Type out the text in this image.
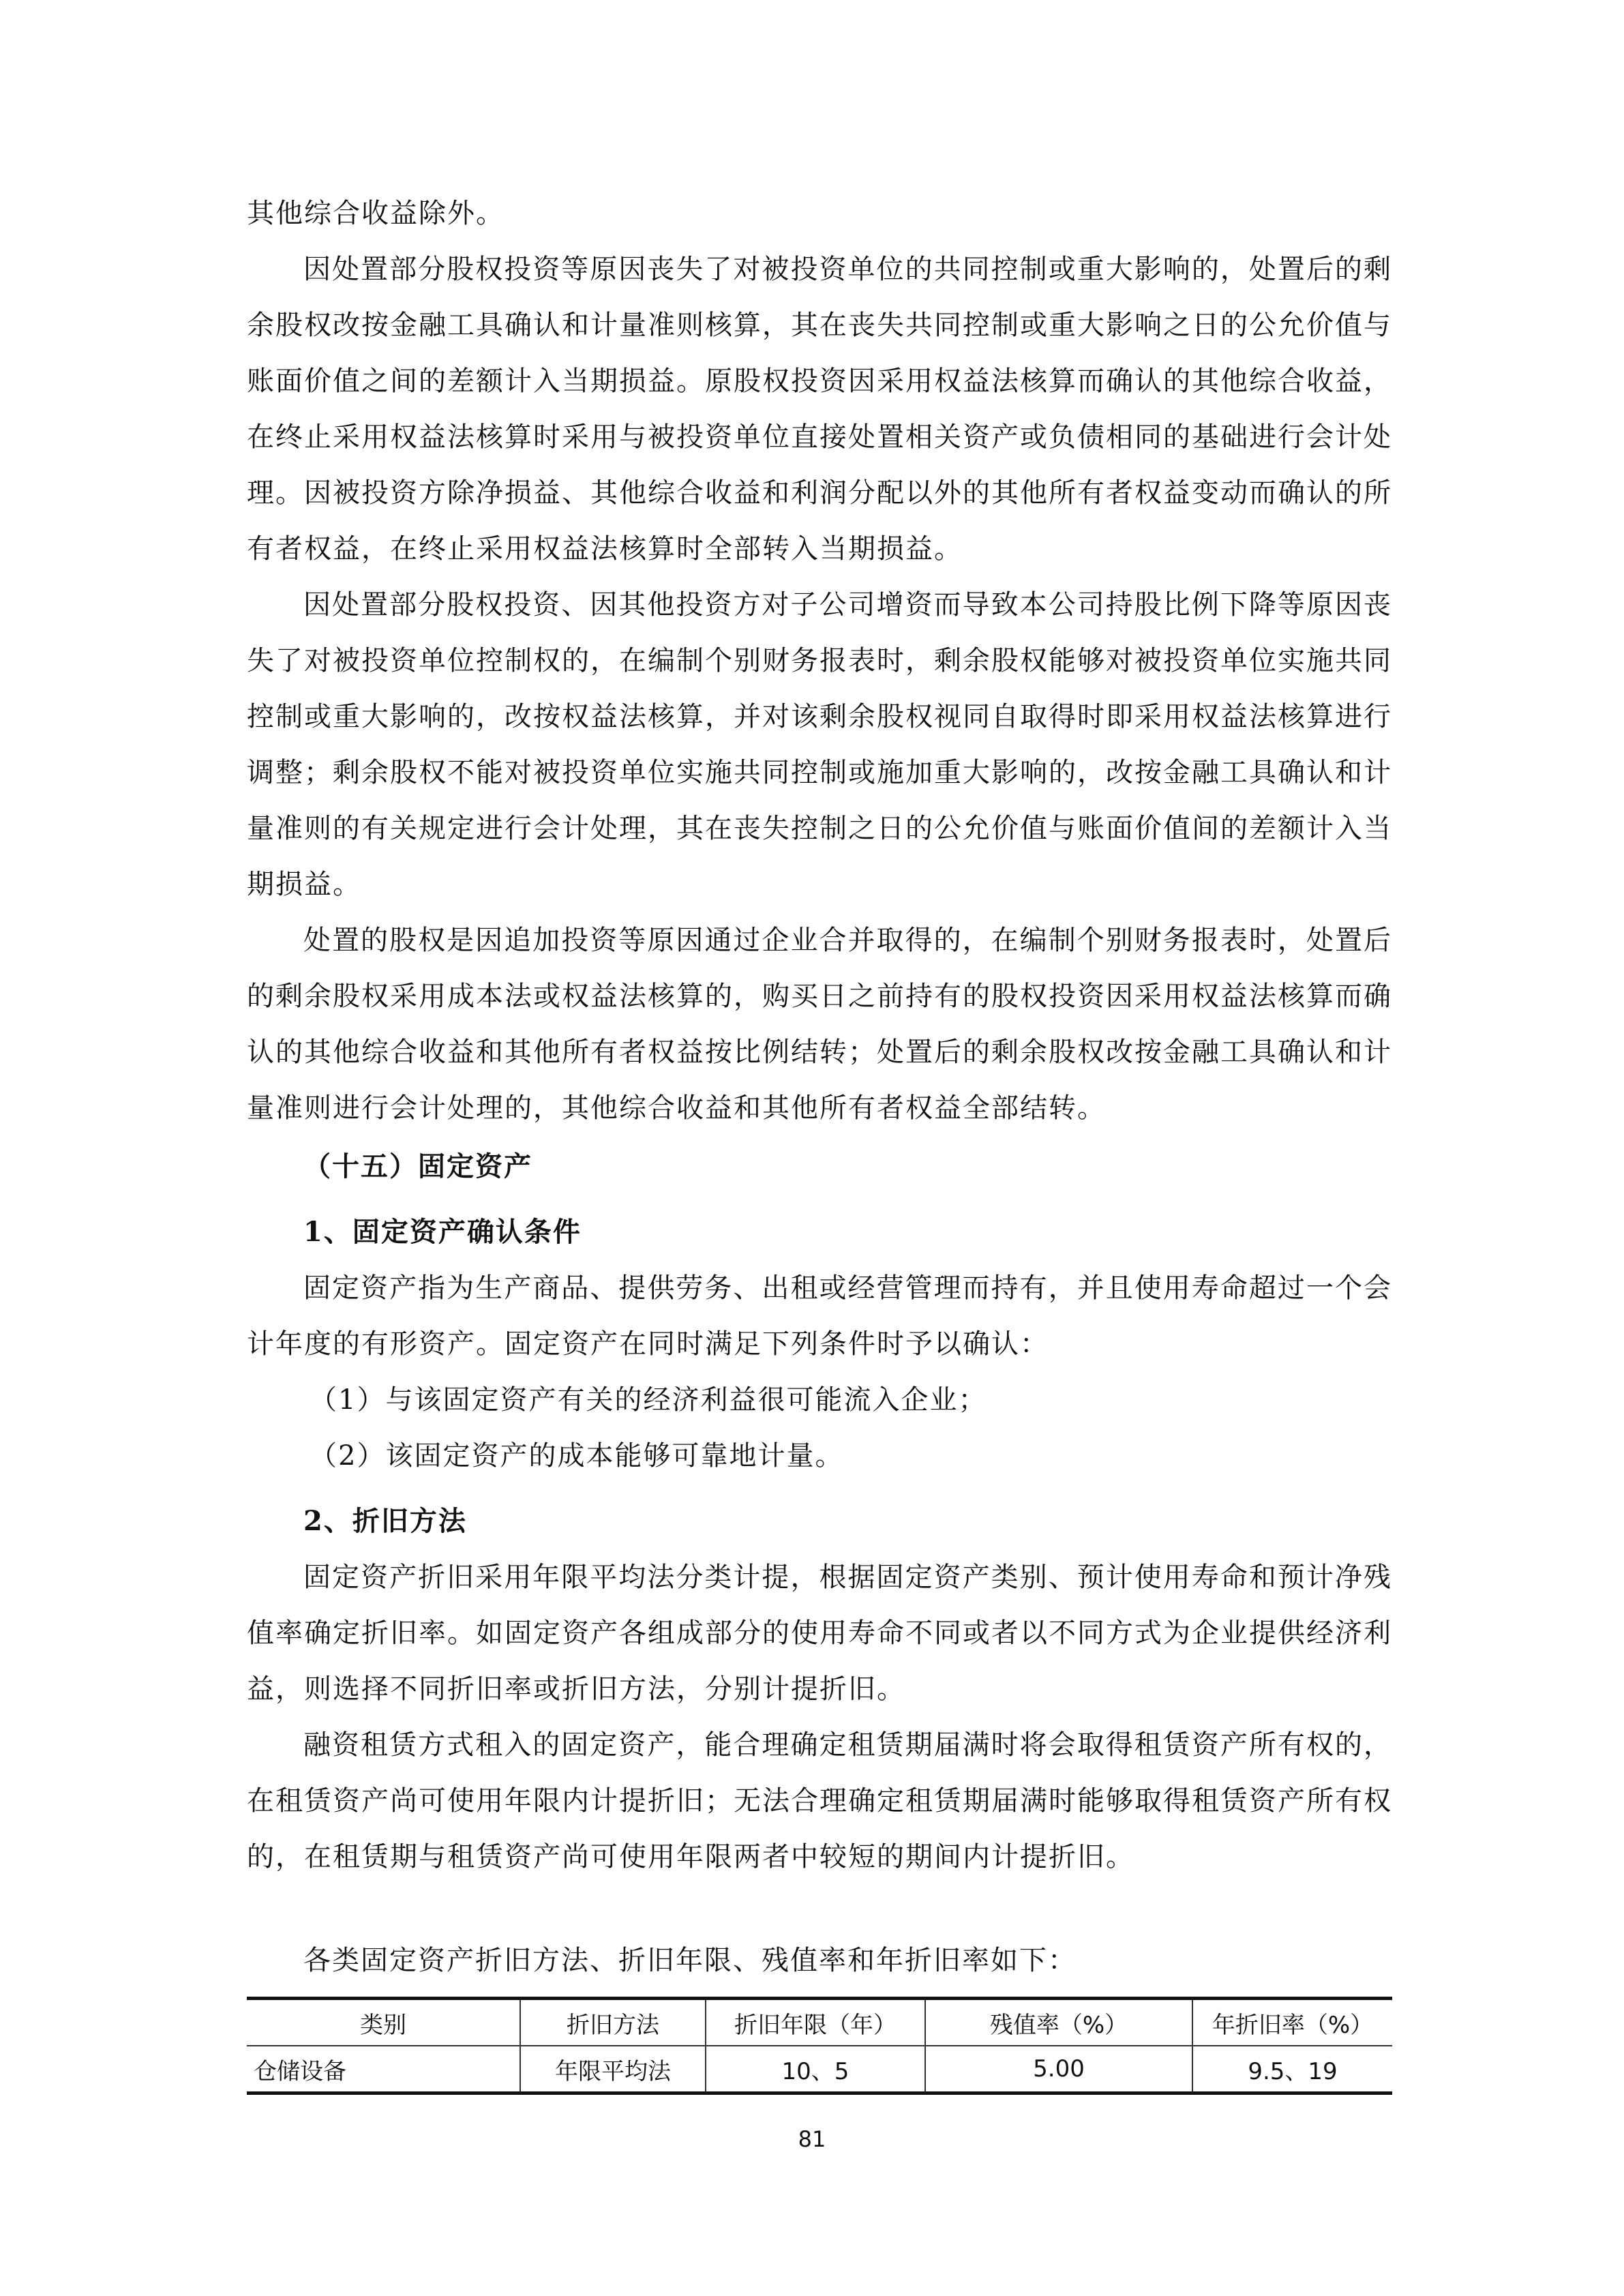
其他综合收益除外。

因处置部分股权投资等原因丧失了对被投资单位的共同控制或重大影响的，处置后的剩余股权改按金融工具确认和计量准则核算，其在丧失共同控制或重大影响之日的公允价值与账面价值之间的差额计入当期损益。原股权投资因采用权益法核算而确认的其他综合收益，在终止采用权益法核算时采用与被投资单位直接处置相关资产或负债相同的基础进行会计处理。因被投资方除净损益、其他综合收益和利润分配以外的其他所有者权益变动而确认的所有者权益，在终止采用权益法核算时全部转入当期损益。

因处置部分股权投资、因其他投资方对子公司增资而导致本公司持股比例下降等原因丧失了对被投资单位控制权的，在编制个别财务报表时，剩余股权能够对被投资单位实施共同控制或重大影响的，改按权益法核算，并对该剩余股权视同自取得时即采用权益法核算进行调整；剩余股权不能对被投资单位实施共同控制或施加重大影响的，改按金融工具确认和计量准则的有关规定进行会计处理，其在丧失控制之日的公允价值与账面价值间的差额计入当期损益。

处置的股权是因追加投资等原因通过企业合并取得的，在编制个别财务报表时，处置后的剩余股权采用成本法或权益法核算的，购买日之前持有的股权投资因采用权益法核算而确认的其他综合收益和其他所有者权益按比例结转；处置后的剩余股权改按金融工具确认和计量准则进行会计处理的，其他综合收益和其他所有者权益全部结转。

（十五）固定资产

1、固定资产确认条件

固定资产指为生产商品、提供劳务、出租或经营管理而持有，并且使用寿命超过一个会计年度的有形资产。固定资产在同时满足下列条件时予以确认：

（1）与该固定资产有关的经济利益很可能流入企业；

（2）该固定资产的成本能够可靠地计量。

2、折旧方法

固定资产折旧采用年限平均法分类计提，根据固定资产类别、预计使用寿命和预计净残值率确定折旧率。如固定资产各组成部分的使用寿命不同或者以不同方式为企业提供经济利益，则选择不同折旧率或折旧方法，分别计提折旧。

融资租赁方式租入的固定资产，能合理确定租赁期届满时将会取得租赁资产所有权的，在租赁资产尚可使用年限内计提折旧；无法合理确定租赁期届满时能够取得租赁资产所有权的，在租赁期与租赁资产尚可使用年限两者中较短的期间内计提折旧。

各类固定资产折旧方法、折旧年限、残值率和年折旧率如下：

类别	折旧方法	折旧年限（年）	残值率（%）	年折旧率（%）
仓储设备	年限平均法	10、5	5.00	9.5、19
81
